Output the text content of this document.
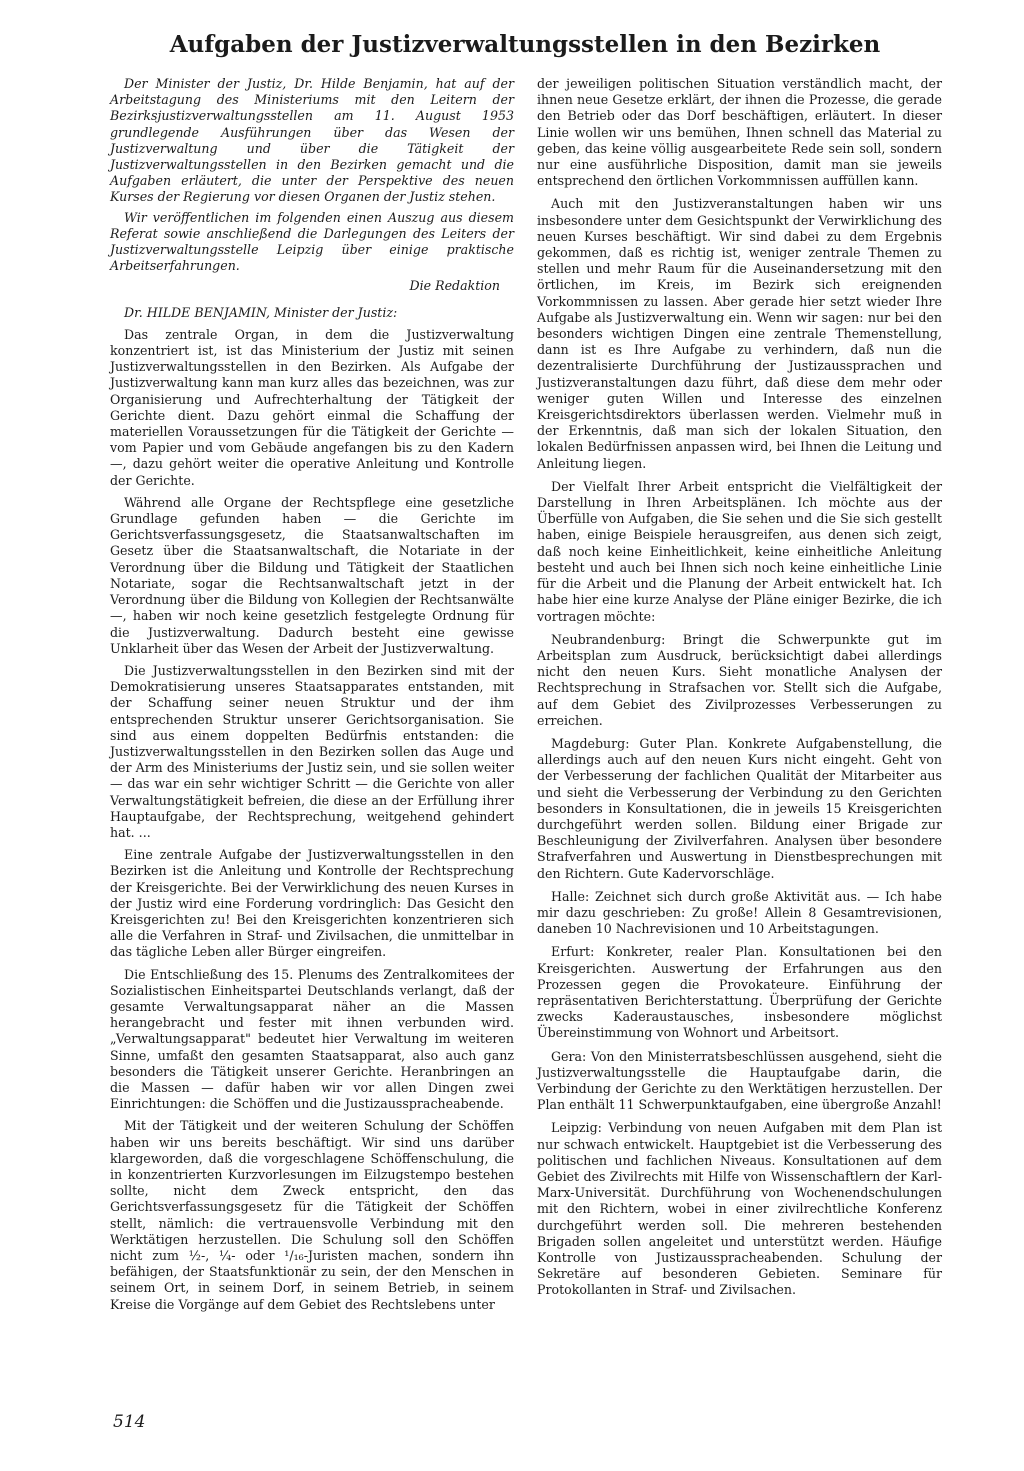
Aufgaben der Justizverwaltungsstellen in den Bezirken

Der Minister der Justiz, Dr. Hilde Benjamin, hat auf der Arbeitstagung des Ministeriums mit den Leitern der Bezirksjustizverwaltungsstellen am 11. August 1953 grundlegende Ausführungen über das Wesen der Justizverwaltung und über die Tätigkeit der Justizverwaltungsstellen in den Bezirken gemacht und die Aufgaben erläutert, die unter der Perspektive des neuen Kurses der Regierung vor diesen Organen der Justiz stehen.

Wir veröffentlichen im folgenden einen Auszug aus diesem Referat sowie anschließend die Darlegungen des Leiters der Justizverwaltungsstelle Leipzig über einige praktische Arbeitserfahrungen.

Die Redaktion

Dr. HILDE BENJAMIN, Minister der Justiz:

Das zentrale Organ, in dem die Justizverwaltung konzentriert ist, ist das Ministerium der Justiz mit seinen Justizverwaltungsstellen in den Bezirken. Als Aufgabe der Justizverwaltung kann man kurz alles das bezeichnen, was zur Organisierung und Aufrechterhaltung der Tätigkeit der Gerichte dient. Dazu gehört einmal die Schaffung der materiellen Voraussetzungen für die Tätigkeit der Gerichte — vom Papier und vom Gebäude angefangen bis zu den Kadern —, dazu gehört weiter die operative Anleitung und Kontrolle der Gerichte.

Während alle Organe der Rechtspflege eine gesetzliche Grundlage gefunden haben — die Gerichte im Gerichtsverfassungsgesetz, die Staatsanwaltschaften im Gesetz über die Staatsanwaltschaft, die Notariate in der Verordnung über die Bildung und Tätigkeit der Staatlichen Notariate, sogar die Rechtsanwaltschaft jetzt in der Verordnung über die Bildung von Kollegien der Rechtsanwälte —, haben wir noch keine gesetzlich festgelegte Ordnung für die Justizverwaltung. Dadurch besteht eine gewisse Unklarheit über das Wesen der Arbeit der Justizverwaltung.

Die Justizverwaltungsstellen in den Bezirken sind mit der Demokratisierung unseres Staatsapparates entstanden, mit der Schaffung seiner neuen Struktur und der ihm entsprechenden Struktur unserer Gerichtsorganisation. Sie sind aus einem doppelten Bedürfnis entstanden: die Justizverwaltungsstellen in den Bezirken sollen das Auge und der Arm des Ministeriums der Justiz sein, und sie sollen weiter — das war ein sehr wichtiger Schritt — die Gerichte von aller Verwaltungstätigkeit befreien, die diese an der Erfüllung ihrer Hauptaufgabe, der Rechtsprechung, weitgehend gehindert hat. ...

Eine zentrale Aufgabe der Justizverwaltungsstellen in den Bezirken ist die Anleitung und Kontrolle der Rechtsprechung der Kreisgerichte. Bei der Verwirklichung des neuen Kurses in der Justiz wird eine Forderung vordringlich: Das Gesicht den Kreisgerichten zu! Bei den Kreisgerichten konzentrieren sich alle die Verfahren in Straf- und Zivilsachen, die unmittelbar in das tägliche Leben aller Bürger eingreifen.

Die Entschließung des 15. Plenums des Zentralkomitees der Sozialistischen Einheitspartei Deutschlands verlangt, daß der gesamte Verwaltungsapparat näher an die Massen herangebracht und fester mit ihnen verbunden wird. „Verwaltungsapparat" bedeutet hier Verwaltung im weiteren Sinne, umfaßt den gesamten Staatsapparat, also auch ganz besonders die Tätigkeit unserer Gerichte. Heranbringen an die Massen — dafür haben wir vor allen Dingen zwei Einrichtungen: die Schöffen und die Justizausspracheabende.

Mit der Tätigkeit und der weiteren Schulung der Schöffen haben wir uns bereits beschäftigt. Wir sind uns darüber klargeworden, daß die vorgeschlagene Schöffenschulung, die in konzentrierten Kurzvorlesungen im Eilzugstempo bestehen sollte, nicht dem Zweck entspricht, den das Gerichtsverfassungsgesetz für die Tätigkeit der Schöffen stellt, nämlich: die vertrauensvolle Verbindung mit den Werktätigen herzustellen. Die Schulung soll den Schöffen nicht zum ½-, ¼- oder ¹/₁₆-Juristen machen, sondern ihn befähigen, der Staatsfunktionär zu sein, der den Menschen in seinem Ort, in seinem Dorf, in seinem Betrieb, in seinem Kreise die Vorgänge auf dem Gebiet des Rechtslebens unter

der jeweiligen politischen Situation verständlich macht, der ihnen neue Gesetze erklärt, der ihnen die Prozesse, die gerade den Betrieb oder das Dorf beschäftigen, erläutert. In dieser Linie wollen wir uns bemühen, Ihnen schnell das Material zu geben, das keine völlig ausgearbeitete Rede sein soll, sondern nur eine ausführliche Disposition, damit man sie jeweils entsprechend den örtlichen Vorkommnissen auffüllen kann.

Auch mit den Justizveranstaltungen haben wir uns insbesondere unter dem Gesichtspunkt der Verwirklichung des neuen Kurses beschäftigt. Wir sind dabei zu dem Ergebnis gekommen, daß es richtig ist, weniger zentrale Themen zu stellen und mehr Raum für die Auseinandersetzung mit den örtlichen, im Kreis, im Bezirk sich ereignenden Vorkommnissen zu lassen. Aber gerade hier setzt wieder Ihre Aufgabe als Justizverwaltung ein. Wenn wir sagen: nur bei den besonders wichtigen Dingen eine zentrale Themenstellung, dann ist es Ihre Aufgabe zu verhindern, daß nun die dezentralisierte Durchführung der Justizaussprachen und Justizveranstaltungen dazu führt, daß diese dem mehr oder weniger guten Willen und Interesse des einzelnen Kreisgerichtsdirektors überlassen werden. Vielmehr muß in der Erkenntnis, daß man sich der lokalen Situation, den lokalen Bedürfnissen anpassen wird, bei Ihnen die Leitung und Anleitung liegen.

Der Vielfalt Ihrer Arbeit entspricht die Vielfältigkeit der Darstellung in Ihren Arbeitsplänen. Ich möchte aus der Überfülle von Aufgaben, die Sie sehen und die Sie sich gestellt haben, einige Beispiele herausgreifen, aus denen sich zeigt, daß noch keine Einheitlichkeit, keine einheitliche Anleitung besteht und auch bei Ihnen sich noch keine einheitliche Linie für die Arbeit und die Planung der Arbeit entwickelt hat. Ich habe hier eine kurze Analyse der Pläne einiger Bezirke, die ich vortragen möchte:

Neubrandenburg: Bringt die Schwerpunkte gut im Arbeitsplan zum Ausdruck, berücksichtigt dabei allerdings nicht den neuen Kurs. Sieht monatliche Analysen der Rechtsprechung in Strafsachen vor. Stellt sich die Aufgabe, auf dem Gebiet des Zivilprozesses Verbesserungen zu erreichen.

Magdeburg: Guter Plan. Konkrete Aufgabenstellung, die allerdings auch auf den neuen Kurs nicht eingeht. Geht von der Verbesserung der fachlichen Qualität der Mitarbeiter aus und sieht die Verbesserung der Verbindung zu den Gerichten besonders in Konsultationen, die in jeweils 15 Kreisgerichten durchgeführt werden sollen. Bildung einer Brigade zur Beschleunigung der Zivilverfahren. Analysen über besondere Strafverfahren und Auswertung in Dienstbesprechungen mit den Richtern. Gute Kadervorschläge.

Halle: Zeichnet sich durch große Aktivität aus. — Ich habe mir dazu geschrieben: Zu große! Allein 8 Gesamtrevisionen, daneben 10 Nachrevisionen und 10 Arbeitstagungen.

Erfurt: Konkreter, realer Plan. Konsultationen bei den Kreisgerichten. Auswertung der Erfahrungen aus den Prozessen gegen die Provokateure. Einführung der repräsentativen Berichterstattung. Überprüfung der Gerichte zwecks Kaderaustausches, insbesondere möglichst Übereinstimmung von Wohnort und Arbeitsort.

Gera: Von den Ministerratsbeschlüssen ausgehend, sieht die Justizverwaltungsstelle die Hauptaufgabe darin, die Verbindung der Gerichte zu den Werktätigen herzustellen. Der Plan enthält 11 Schwerpunktaufgaben, eine übergroße Anzahl!

Leipzig: Verbindung von neuen Aufgaben mit dem Plan ist nur schwach entwickelt. Hauptgebiet ist die Verbesserung des politischen und fachlichen Niveaus. Konsultationen auf dem Gebiet des Zivilrechts mit Hilfe von Wissenschaftlern der Karl-Marx-Universität. Durchführung von Wochenendschulungen mit den Richtern, wobei in einer zivilrechtliche Konferenz durchgeführt werden soll. Die mehreren bestehenden Brigaden sollen angeleitet und unterstützt werden. Häufige Kontrolle von Justizausspracheabenden. Schulung der Sekretäre auf besonderen Gebieten. Seminare für Protokollanten in Straf- und Zivilsachen.

514
